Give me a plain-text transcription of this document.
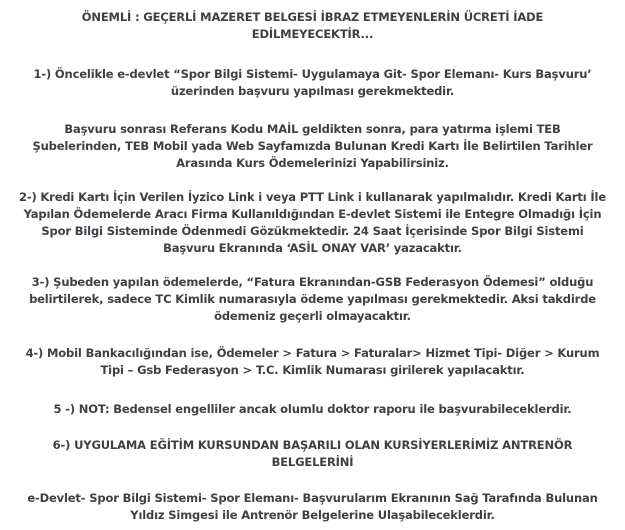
ÖNEMLİ : GEÇERLİ MAZERET BELGESİ İBRAZ ETMEYENLERİN ÜCRETİ İADE
EDİLMEYECEKTİR...

1-) Öncelikle e-devlet “Spor Bilgi Sistemi- Uygulamaya Git- Spor Elemanı- Kurs Başvuru’
üzerinden başvuru yapılması gerekmektedir.

Başvuru sonrası Referans Kodu MAİL geldikten sonra, para yatırma işlemi TEB
Şubelerinden, TEB Mobil yada Web Sayfamızda Bulunan Kredi Kartı İle Belirtilen Tarihler
Arasında Kurs Ödemelerinizi Yapabilirsiniz.

2-) Kredi Kartı İçin Verilen İyzico Link i veya PTT Link i kullanarak yapılmalıdır. Kredi Kartı İle
Yapılan Ödemelerde Aracı Firma Kullanıldığından E-devlet Sistemi ile Entegre Olmadığı İçin
Spor Bilgi Sisteminde Ödenmedi Gözükmektedir. 24 Saat İçerisinde Spor Bilgi Sistemi
Başvuru Ekranında ‘ASİL ONAY VAR’ yazacaktır.

3-) Şubeden yapılan ödemelerde, “Fatura Ekranından-GSB Federasyon Ödemesi” olduğu
belirtilerek, sadece TC Kimlik numarasıyla ödeme yapılması gerekmektedir. Aksi takdirde
ödemeniz geçerli olmayacaktır.

4-) Mobil Bankacılığından ise, Ödemeler > Fatura > Faturalar> Hizmet Tipi- Diğer > Kurum
Tipi – Gsb Federasyon > T.C. Kimlik Numarası girilerek yapılacaktır.

5 -) NOT: Bedensel engelliler ancak olumlu doktor raporu ile başvurabileceklerdir.

6-) UYGULAMA EĞİTİM KURSUNDAN BAŞARILI OLAN KURSİYERLERİMİZ ANTRENÖR
BELGELERİNİ

e-Devlet- Spor Bilgi Sistemi- Spor Elemanı- Başvurularım Ekranının Sağ Tarafında Bulunan
Yıldız Simgesi ile Antrenör Belgelerine Ulaşabileceklerdir.
